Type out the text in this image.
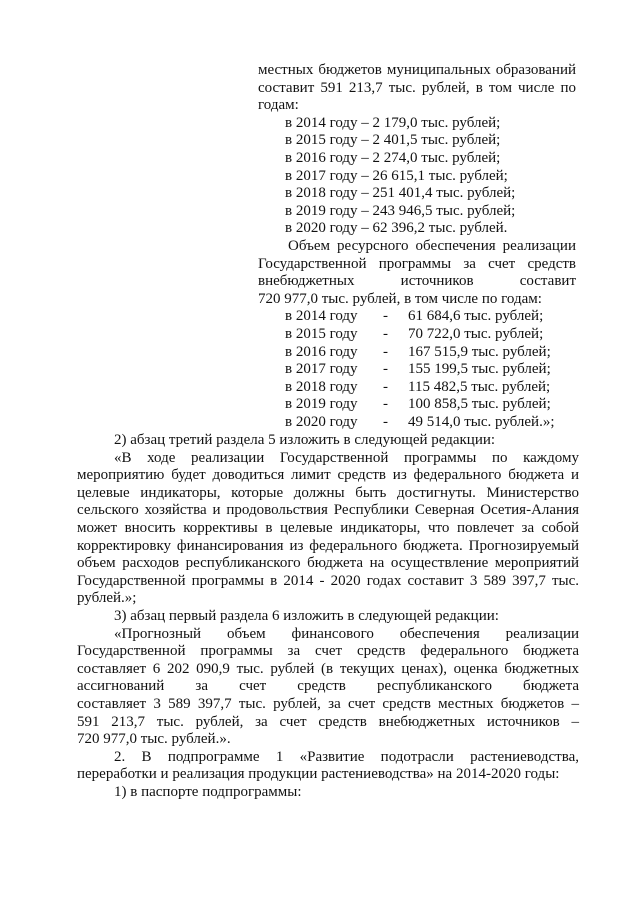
местных бюджетов муниципальных образований
составит 591 213,7 тыс. рублей, в том числе по
годам:
в 2014 году – 2 179,0 тыс. рублей;
в 2015 году – 2 401,5 тыс. рублей;
в 2016 году – 2 274,0 тыс. рублей;
в 2017 году – 26 615,1 тыс. рублей;
в 2018 году – 251 401,4 тыс. рублей;
в 2019 году – 243 946,5 тыс. рублей;
в 2020 году – 62 396,2 тыс. рублей.
Объем ресурсного обеспечения реализации
Государственной программы за счет средств
внебюджетных источников составит
720 977,0 тыс. рублей, в том числе по годам:
в 2014 году - 61 684,6 тыс. рублей;
в 2015 году - 70 722,0 тыс. рублей;
в 2016 году - 167 515,9 тыс. рублей;
в 2017 году - 155 199,5 тыс. рублей;
в 2018 году - 115 482,5 тыс. рублей;
в 2019 году - 100 858,5 тыс. рублей;
в 2020 году - 49 514,0 тыс. рублей.»;
2) абзац третий раздела 5 изложить в следующей редакции:
«В ходе реализации Государственной программы по каждому
мероприятию будет доводиться лимит средств из федерального бюджета и
целевые индикаторы, которые должны быть достигнуты. Министерство
сельского хозяйства и продовольствия Республики Северная Осетия-Алания
может вносить коррективы в целевые индикаторы, что повлечет за собой
корректировку финансирования из федерального бюджета. Прогнозируемый
объем расходов республиканского бюджета на осуществление мероприятий
Государственной программы в 2014 - 2020 годах составит 3 589 397,7 тыс.
рублей.»;
3) абзац первый раздела 6 изложить в следующей редакции:
«Прогнозный объем финансового обеспечения реализации
Государственной программы за счет средств федерального бюджета
составляет 6 202 090,9 тыс. рублей (в текущих ценах), оценка бюджетных
ассигнований за счет средств республиканского бюджета
составляет 3 589 397,7 тыс. рублей, за счет средств местных бюджетов –
591 213,7 тыс. рублей, за счет средств внебюджетных источников –
720 977,0 тыс. рублей.».
2. В подпрограмме 1 «Развитие подотрасли растениеводства,
переработки и реализация продукции растениеводства» на 2014-2020 годы:
1) в паспорте подпрограммы:
